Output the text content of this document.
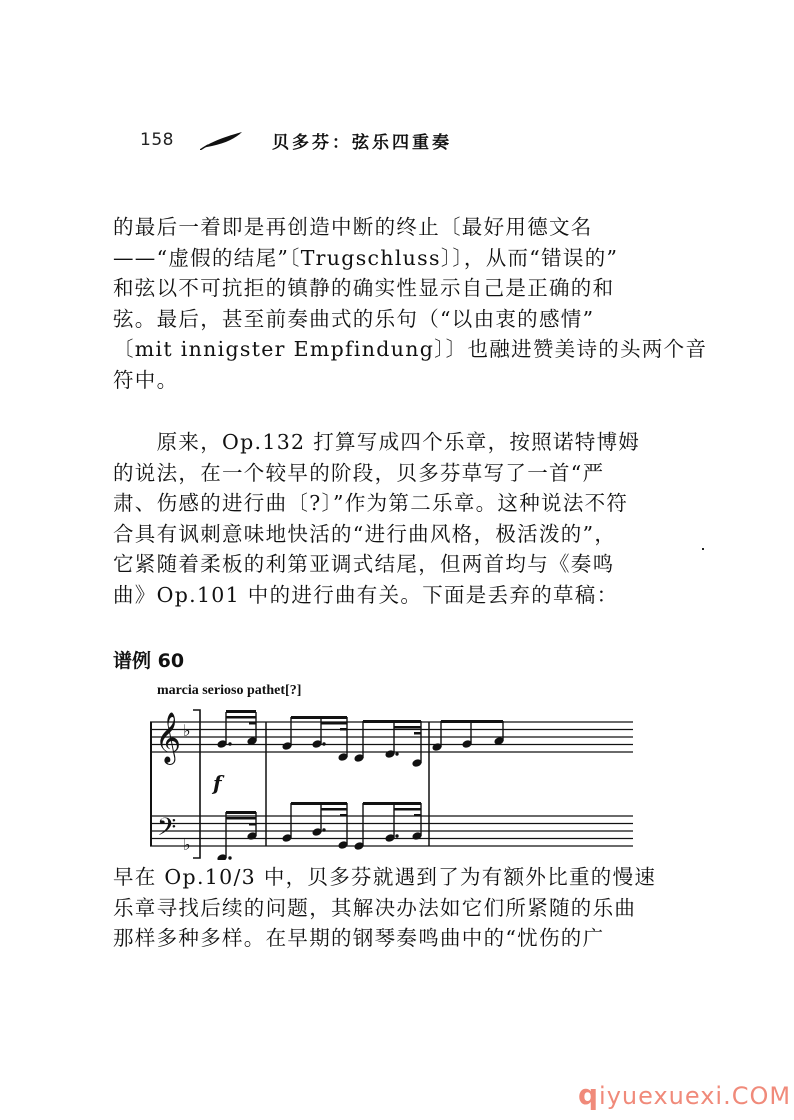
158	贝多芬：弦乐四重奏
的最后一着即是再创造中断的终止〔最好用德文名
——“虚假的结尾”〔Trugschluss〕〕，从而“错误的”
和弦以不可抗拒的镇静的确实性显示自己是正确的和
弦。最后，甚至前奏曲式的乐句（“以由衷的感情”
〔mit innigster Empfindung〕〕也融进赞美诗的头两个音
符中。
　　原来，Op.132 打算写成四个乐章，按照诺特博姆
的说法，在一个较早的阶段，贝多芬草写了一首“严
肃、伤感的进行曲〔?〕”作为第二乐章。这种说法不符
合具有讽刺意味地快活的“进行曲风格，极活泼的”，
它紧随着柔板的利第亚调式结尾，但两首均与《奏鸣
曲》Op.101 中的进行曲有关。下面是丢弃的草稿：
谱例 60
marcia serioso pathet[?]
𝄞
𝄢
♭
♭
f
早在 Op.10/3 中，贝多芬就遇到了为有额外比重的慢速
乐章寻找后续的问题，其解决办法如它们所紧随的乐曲
那样多种多样。在早期的钢琴奏鸣曲中的“忧伤的广
qiyuexuexi.COM
